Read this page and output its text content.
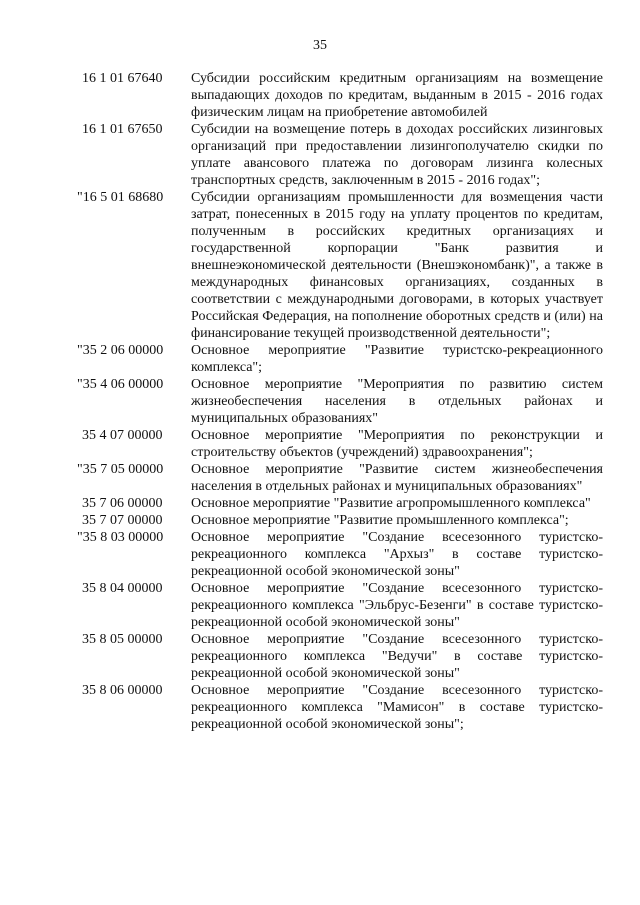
35
16 1 01 67640	Субсидии российским кредитным организациям на возмещение выпадающих доходов по кредитам, выданным в 2015 - 2016 годах физическим лицам на приобретение автомобилей
16 1 01 67650	Субсидии на возмещение потерь в доходах российских лизинговых организаций при предоставлении лизингополучателю скидки по уплате авансового платежа по договорам лизинга колесных транспортных средств, заключенным в 2015 - 2016 годах";
"16 5 01 68680	Субсидии организациям промышленности для возмещения части затрат, понесенных в 2015 году на уплату процентов по кредитам, полученным в российских кредитных организациях и государственной корпорации "Банк развития и внешнеэкономической деятельности (Внешэкономбанк)", а также в международных финансовых организациях, созданных в соответствии с международными договорами, в которых участвует Российская Федерация, на пополнение оборотных средств и (или) на финансирование текущей производственной деятельности";
"35 2 06 00000	Основное мероприятие "Развитие туристско-рекреационного комплекса";
"35 4 06 00000	Основное мероприятие "Мероприятия по развитию систем жизнеобеспечения населения в отдельных районах и муниципальных образованиях"
35 4 07 00000	Основное мероприятие "Мероприятия по реконструкции и строительству объектов (учреждений) здравоохранения";
"35 7 05 00000	Основное мероприятие "Развитие систем жизнеобеспечения населения в отдельных районах и муниципальных образованиях"
35 7 06 00000	Основное мероприятие "Развитие агропромышленного комплекса"
35 7 07 00000	Основное мероприятие "Развитие промышленного комплекса";
"35 8 03 00000	Основное мероприятие "Создание всесезонного туристско-рекреационного комплекса "Архыз" в составе туристско-рекреационной особой экономической зоны"
35 8 04 00000	Основное мероприятие "Создание всесезонного туристско-рекреационного комплекса "Эльбрус-Безенги" в составе туристско-рекреационной особой экономической зоны"
35 8 05 00000	Основное мероприятие "Создание всесезонного туристско-рекреационного комплекса "Ведучи" в составе туристско-рекреационной особой экономической зоны"
35 8 06 00000	Основное мероприятие "Создание всесезонного туристско-рекреационного комплекса "Мамисон" в составе туристско-рекреационной особой экономической зоны";
